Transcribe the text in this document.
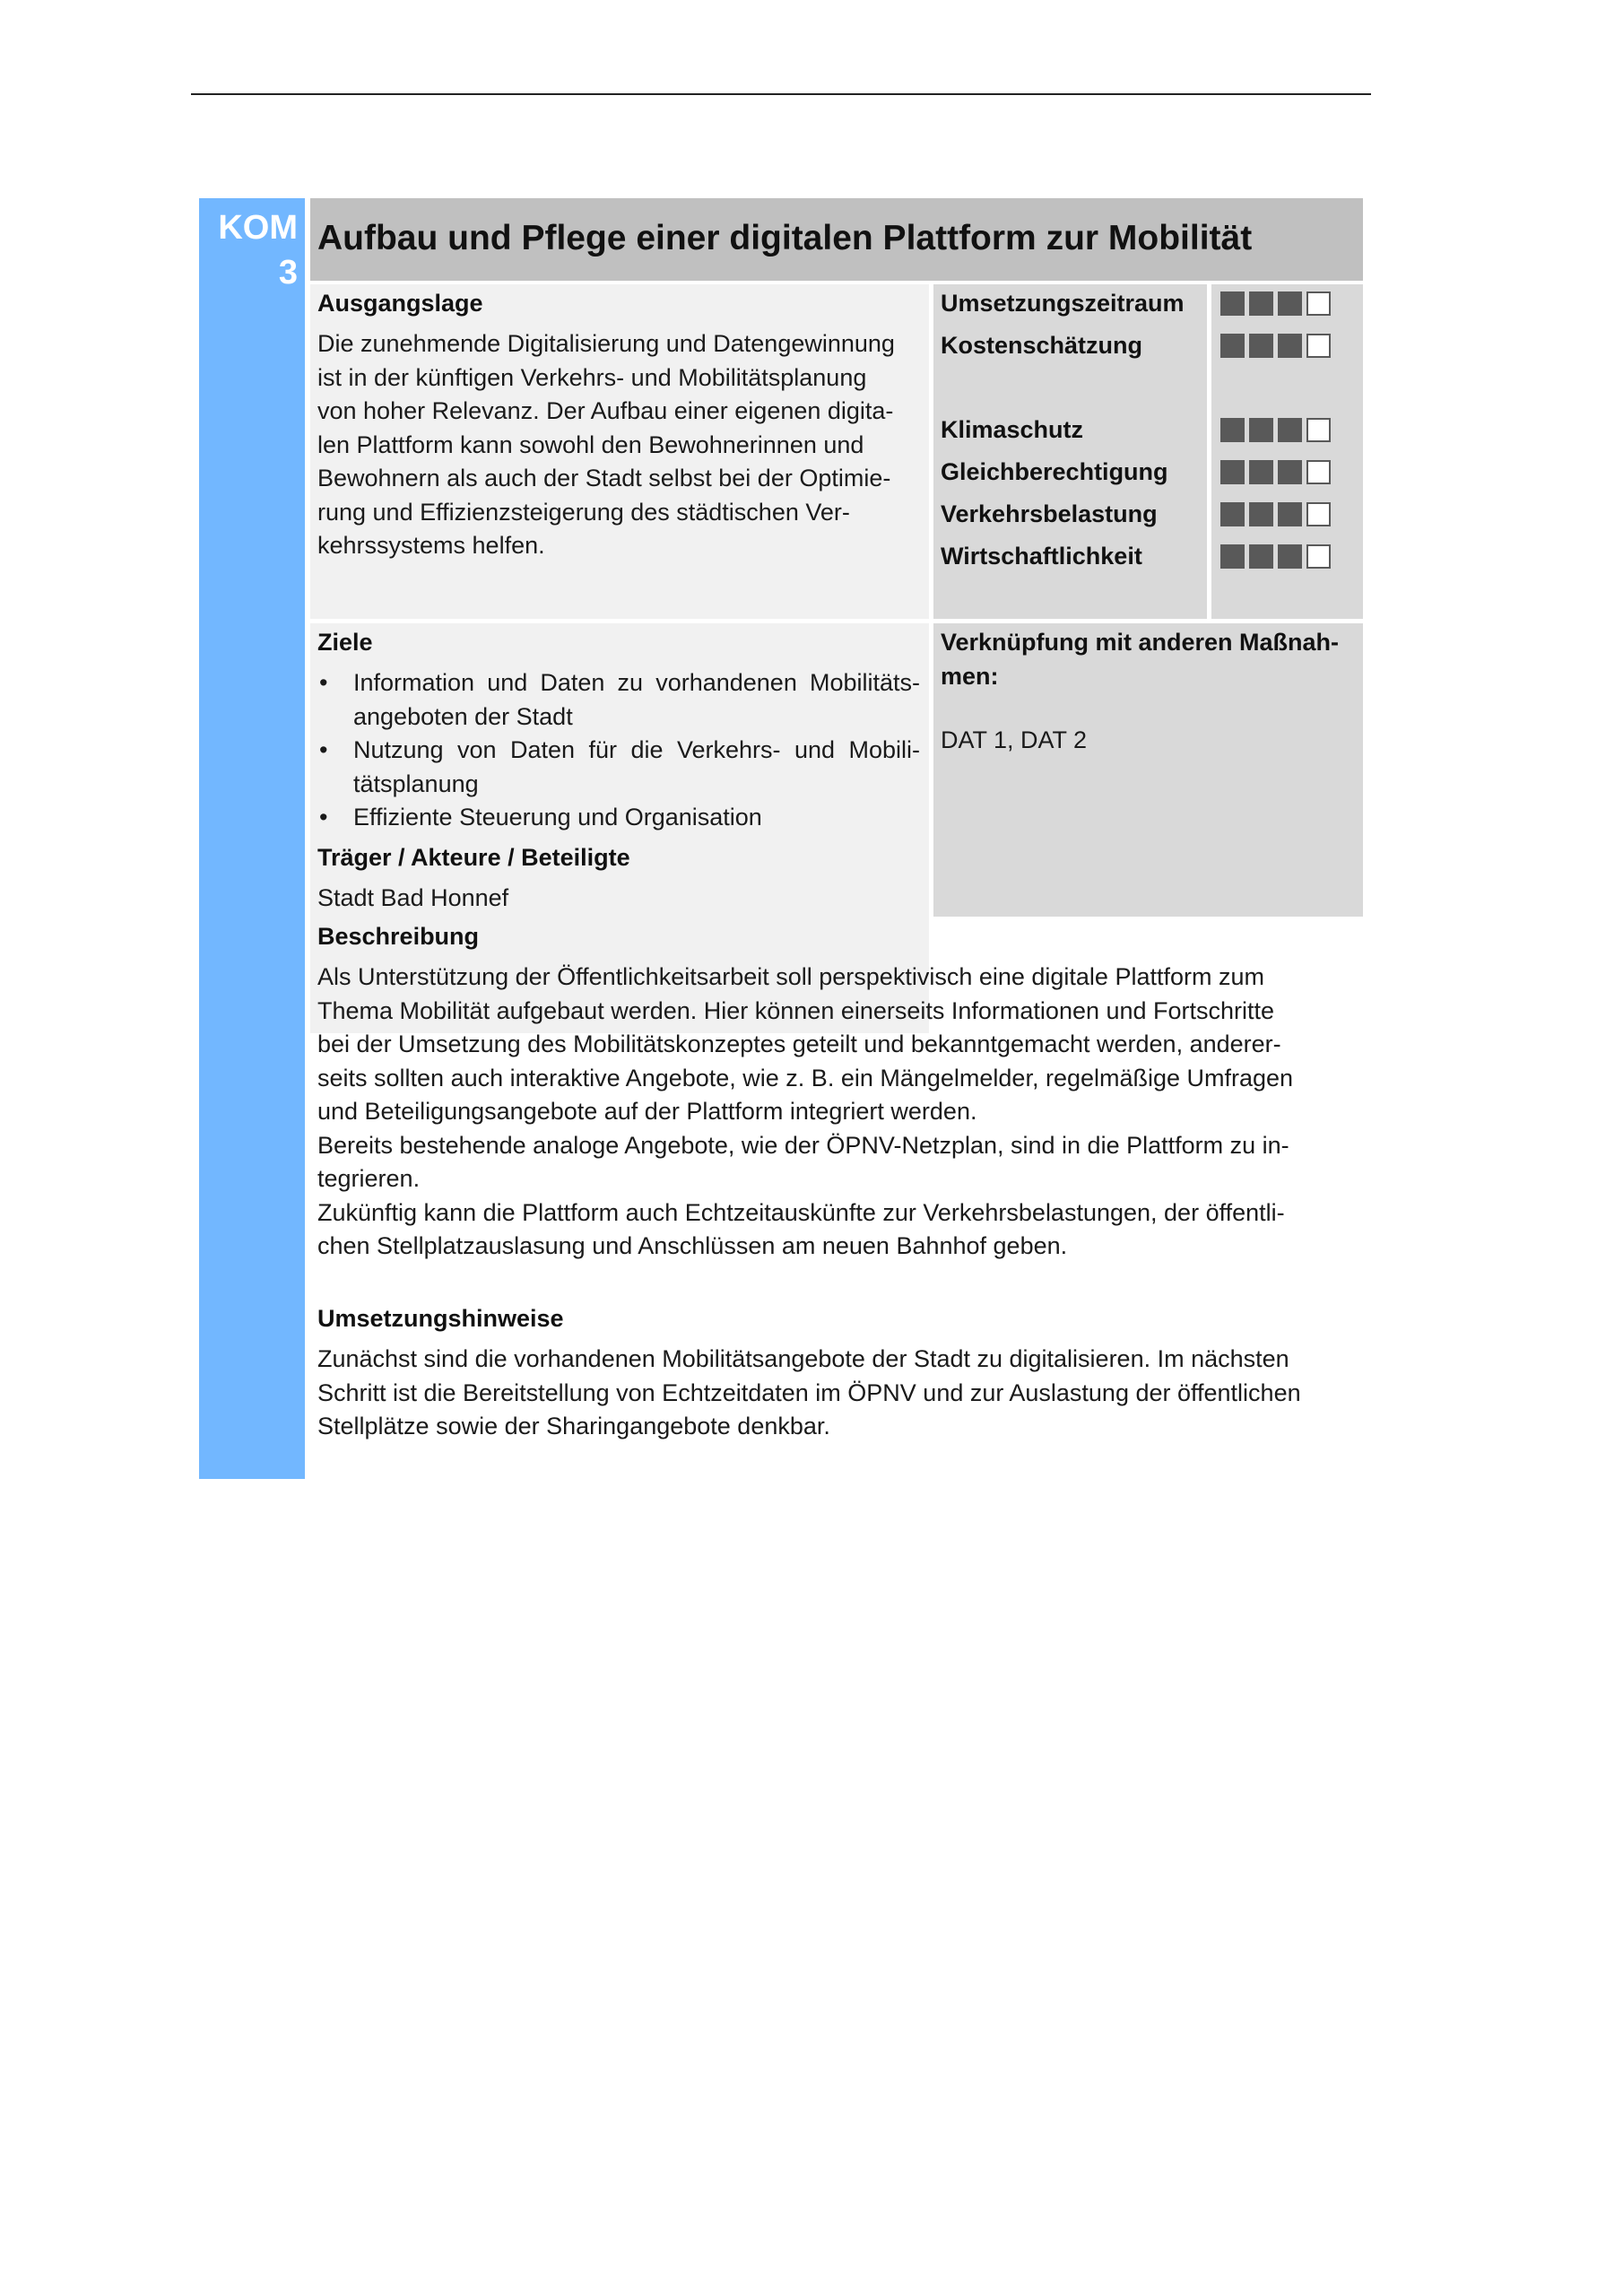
KOM
3
Aufbau und Pflege einer digitalen Plattform zur Mobilität
Ausgangslage
Die zunehmende Digitalisierung und Datengewinnung
ist in der künftigen Verkehrs- und Mobilitätsplanung
von hoher Relevanz. Der Aufbau einer eigenen digita-
len Plattform kann sowohl den Bewohnerinnen und
Bewohnern als auch der Stadt selbst bei der Optimie-
rung und Effizienzsteigerung des städtischen Ver-
kehrssystems helfen.
Umsetzungszeitraum
Kostenschätzung
Klimaschutz
Gleichberechtigung
Verkehrsbelastung
Wirtschaftlichkeit
Ziele
• Information und Daten zu vorhandenen Mobilitäts-
angeboten der Stadt
• Nutzung von Daten für die Verkehrs- und Mobili-
tätsplanung
• Effiziente Steuerung und Organisation
Träger / Akteure / Beteiligte
Stadt Bad Honnef
Verknüpfung mit anderen Maßnah-
men:
DAT 1, DAT 2
Beschreibung
Als Unterstützung der Öffentlichkeitsarbeit soll perspektivisch eine digitale Plattform zum
Thema Mobilität aufgebaut werden. Hier können einerseits Informationen und Fortschritte
bei der Umsetzung des Mobilitätskonzeptes geteilt und bekanntgemacht werden, anderer-
seits sollten auch interaktive Angebote, wie z. B. ein Mängelmelder, regelmäßige Umfragen
und Beteiligungsangebote auf der Plattform integriert werden.
Bereits bestehende analoge Angebote, wie der ÖPNV-Netzplan, sind in die Plattform zu in-
tegrieren.
Zukünftig kann die Plattform auch Echtzeitauskünfte zur Verkehrsbelastungen, der öffentli-
chen Stellplatzauslasung und Anschlüssen am neuen Bahnhof geben.
Umsetzungshinweise
Zunächst sind die vorhandenen Mobilitätsangebote der Stadt zu digitalisieren. Im nächsten
Schritt ist die Bereitstellung von Echtzeitdaten im ÖPNV und zur Auslastung der öffentlichen
Stellplätze sowie der Sharingangebote denkbar.
